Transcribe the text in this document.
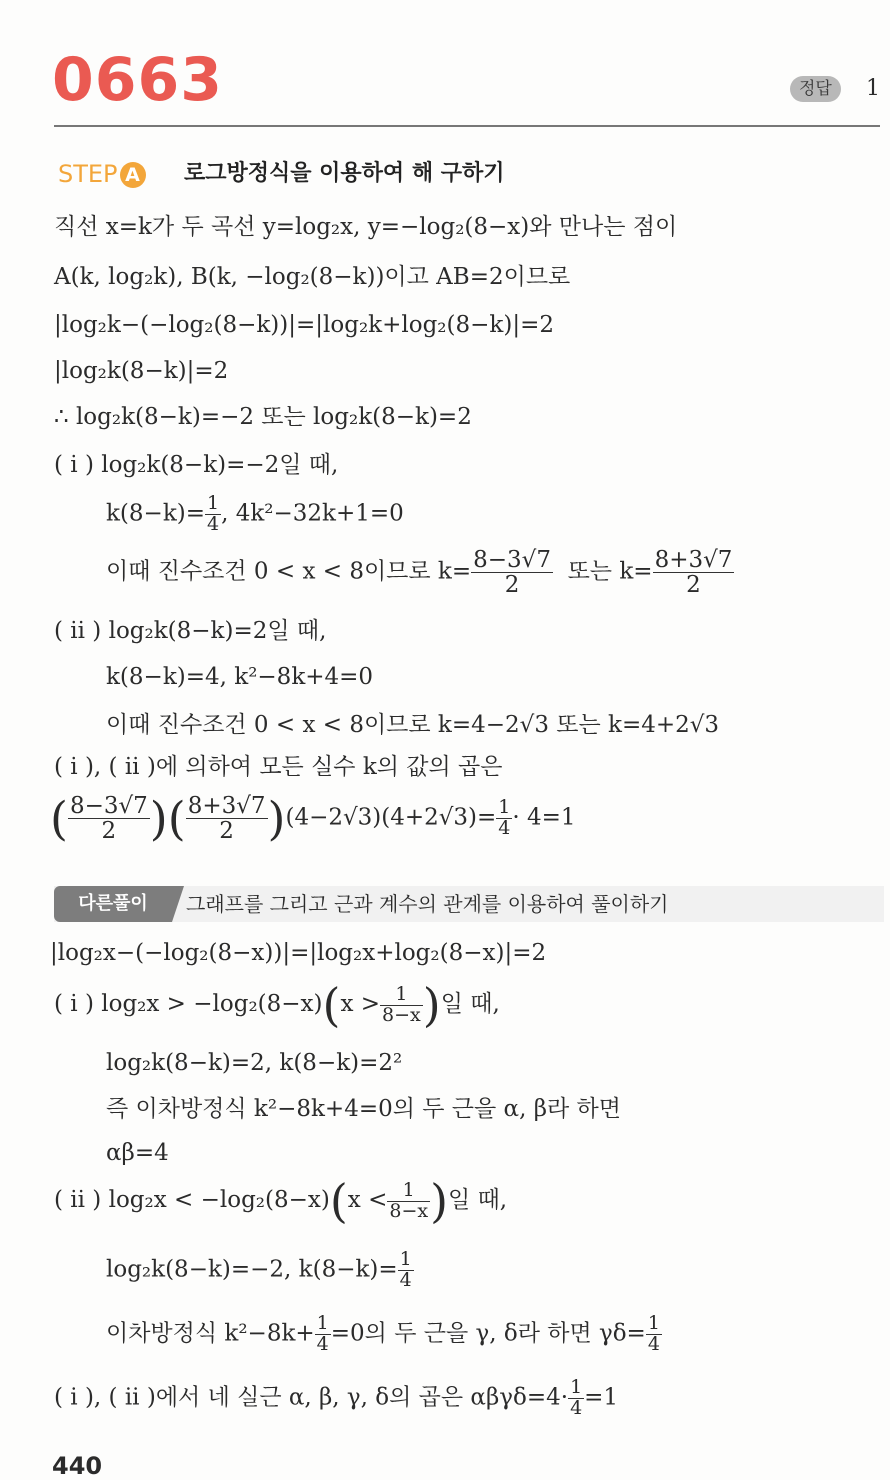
0663	정답	1
STEP A 로그방정식을 이용하여 해 구하기
직선 x=k가 두 곡선 y=log₂x, y=−log₂(8−x)와 만나는 점이
A(k, log₂k), B(k, −log₂(8−k))이고 AB=2이므로
|log₂k−(−log₂(8−k))|=|log₂k+log₂(8−k)|=2
|log₂k(8−k)|=2
∴ log₂k(8−k)=−2 또는 log₂k(8−k)=2
( i ) log₂k(8−k)=−2일 때,
$k(8-k)= \frac{1}{4}$ , 4k²−32k+1=0
이때 진수조건 0 < x < 8이므로 $k= \frac{8-3√7}{2}$ 또는 $k= \frac{8+3√7}{2}$
( ii ) log₂k(8−k)=2일 때,
k(8−k)=4, k²−8k+4=0
이때 진수조건 0 < x < 8이므로 k=4−2√3 또는 k=4+2√3
( i ), ( ii )에 의하여 모든 실수 k의 값의 곱은
( $\frac{8-3√7}{2}$ )( $\frac{8+3√7}{2} )(4-2√3)(4+2√3)= \frac{1}{4} \cdot 4=1$
다른풀이	그래프를 그리고 근과 계수의 관계를 이용하여 풀이하기
|log₂x−(−log₂(8−x))|=|log₂x+log₂(8−x)|=2
( i ) $\log_2x > -\log_2(8-x)(x > \frac{1}{8-x}$ )일 때,
log₂k(8−k)=2, k(8−k)=2²
즉 이차방정식 k²−8k+4=0의 두 근을 α, β라 하면
αβ=4
( ii ) $\log_2x < -\log_2(8-x)(x < \frac{1}{8-x}$ )일 때,
log₂k(8−k)=−2, $k(8-k)= \frac{1}{4}$
이차방정식 $k^2-8k+ \frac{1}{4} =0$의 두 근을 γ, δ라 하면 $\gamma\delta= \frac{1}{4}$
( i ), ( ii )에서 네 실근 α, β, γ, δ의 곱은 $\alpha\beta\gamma\delta=4\cdot \frac{1}{4} =1$
440
